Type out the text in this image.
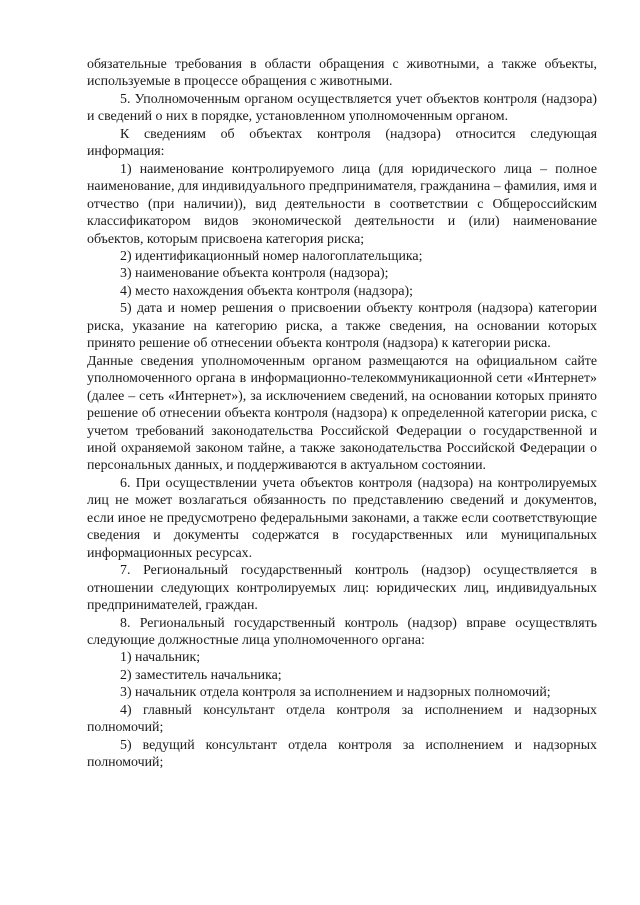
обязательные требования в области обращения с животными, а также объекты, используемые в процессе обращения с животными.

5. Уполномоченным органом осуществляется учет объектов контроля (надзора) и сведений о них в порядке, установленном уполномоченным органом.

К сведениям об объектах контроля (надзора) относится следующая информация:

1) наименование контролируемого лица (для юридического лица – полное наименование, для индивидуального предпринимателя, гражданина – фамилия, имя и отчество (при наличии)), вид деятельности в соответствии с Общероссийским классификатором видов экономической деятельности и (или) наименование объектов, которым присвоена категория риска;

2) идентификационный номер налогоплательщика;

3) наименование объекта контроля (надзора);

4) место нахождения объекта контроля (надзора);

5) дата и номер решения о присвоении объекту контроля (надзора) категории риска, указание на категорию риска, а также сведения, на основании которых принято решение об отнесении объекта контроля (надзора) к категории риска.

Данные сведения уполномоченным органом размещаются на официальном сайте уполномоченного органа в информационно-телекоммуникационной сети «Интернет» (далее – сеть «Интернет»), за исключением сведений, на основании которых принято решение об отнесении объекта контроля (надзора) к определенной категории риска, с учетом требований законодательства Российской Федерации о государственной и иной охраняемой законом тайне, а также законодательства Российской Федерации о персональных данных, и поддерживаются в актуальном состоянии.

6. При осуществлении учета объектов контроля (надзора) на контролируемых лиц не может возлагаться обязанность по представлению сведений и документов, если иное не предусмотрено федеральными законами, а также если соответствующие сведения и документы содержатся в государственных или муниципальных информационных ресурсах.

7. Региональный государственный контроль (надзор) осуществляется в отношении следующих контролируемых лиц: юридических лиц, индивидуальных предпринимателей, граждан.

8. Региональный государственный контроль (надзор) вправе осуществлять следующие должностные лица уполномоченного органа:

1) начальник;

2) заместитель начальника;

3) начальник отдела контроля за исполнением и надзорных полномочий;

4) главный консультант отдела контроля за исполнением и надзорных полномочий;

5) ведущий консультант отдела контроля за исполнением и надзорных полномочий;
